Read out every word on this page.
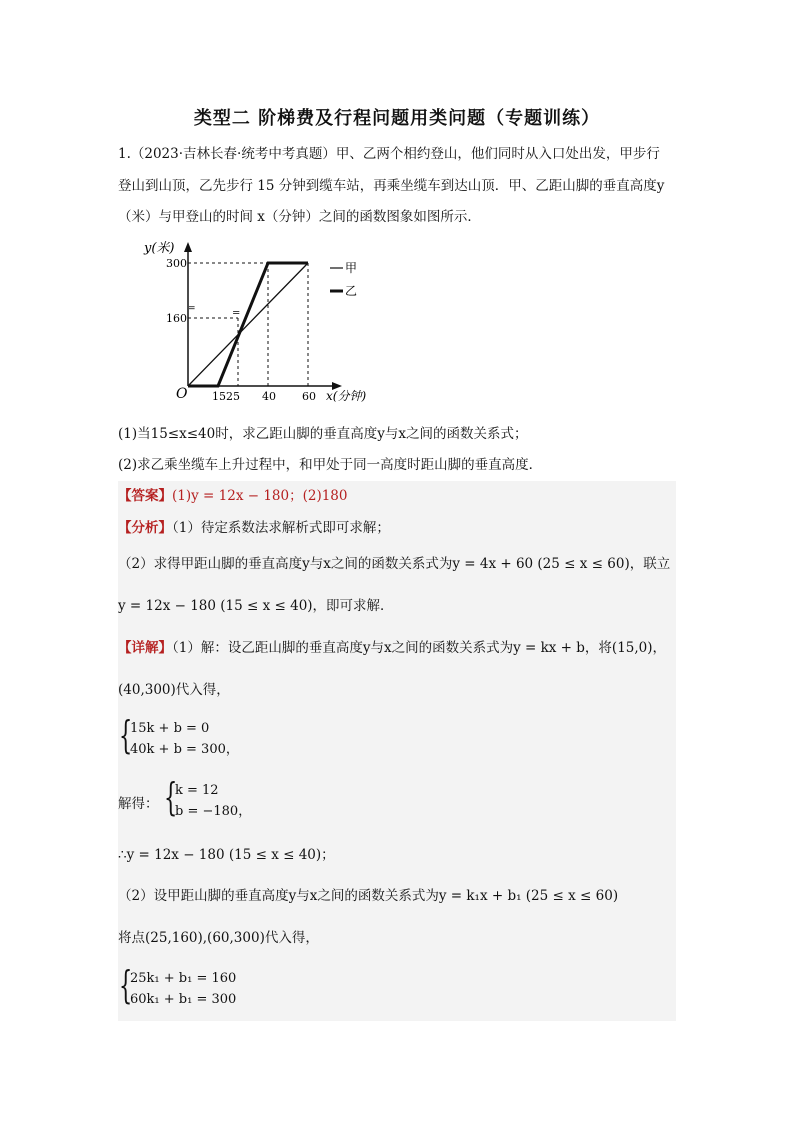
类型二 阶梯费及行程问题用类问题（专题训练）
1.（2023·吉林长春·统考中考真题）甲、乙两个相约登山，他们同时从入口处出发，甲步行
登山到山顶，乙先步行 15 分钟到缆车站，再乘坐缆车到达山顶．甲、乙距山脚的垂直高度y
（米）与甲登山的时间 x（分钟）之间的函数图象如图所示．
y(米)
x(分钟)
O
300
160
15 25 40 60
=	=
甲
乙
(1)当15≤x≤40时，求乙距山脚的垂直高度y与x之间的函数关系式；
(2)求乙乘坐缆车上升过程中，和甲处于同一高度时距山脚的垂直高度．
【答案】(1)y = 12x − 180；(2)180
【分析】（1）待定系数法求解析式即可求解；
（2）求得甲距山脚的垂直高度y与x之间的函数关系式为y = 4x + 60 (25 ≤ x ≤ 60)，联立
y = 12x − 180 (15 ≤ x ≤ 40)，即可求解．
【详解】（1）解：设乙距山脚的垂直高度y与x之间的函数关系式为y = kx + b，将(15,0)，
(40,300)代入得，
{
15k + b = 0
40k + b = 300，
解得： {
k = 12
b = −180，
∴y = 12x − 180 (15 ≤ x ≤ 40)；
（2）设甲距山脚的垂直高度y与x之间的函数关系式为y = k₁x + b₁ (25 ≤ x ≤ 60)
将点(25,160),(60,300)代入得，
{
25k₁ + b₁ = 160
60k₁ + b₁ = 300
